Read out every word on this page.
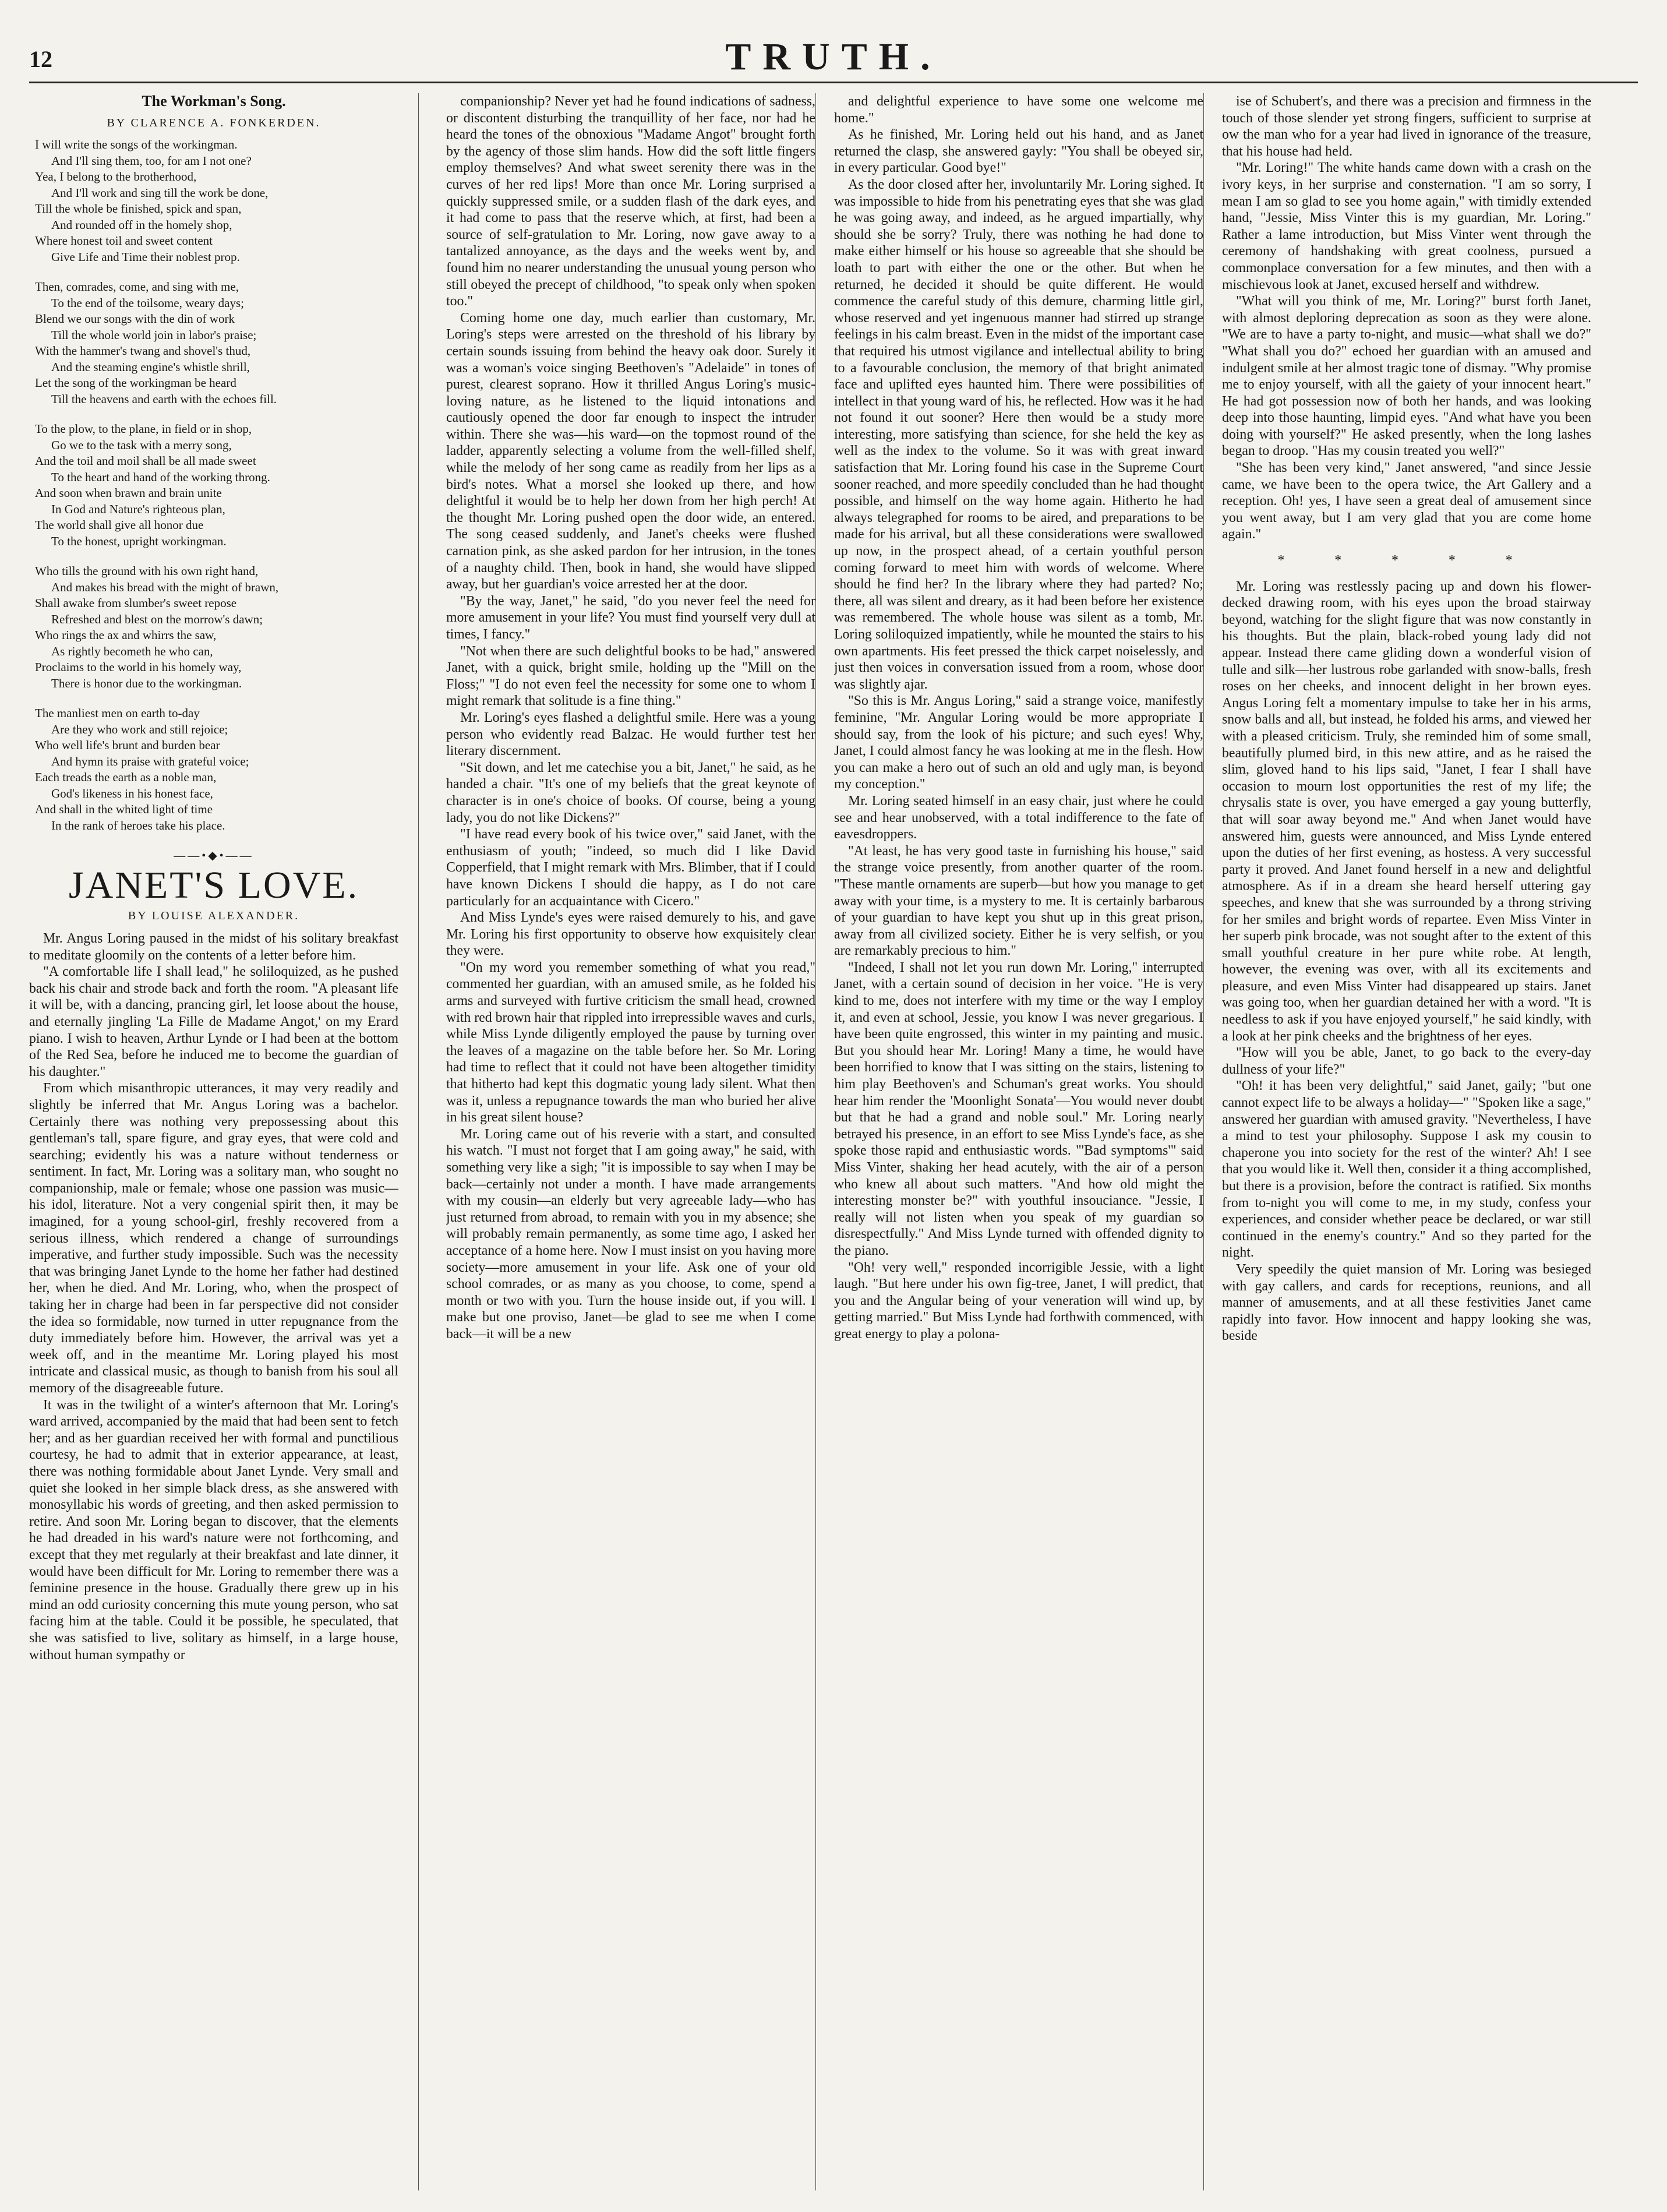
12	TRUTH.
The Workman's Song.
BY CLARENCE A. FONKERDEN.
I will write the songs of the workingman.
And I'll sing them, too, for am I not one?
Yea, I belong to the brotherhood,
And I'll work and sing till the work be done,
Till the whole be finished, spick and span,
And rounded off in the homely shop,
Where honest toil and sweet content
Give Life and Time their noblest prop.
Then, comrades, come, and sing with me,
To the end of the toilsome, weary days;
Blend we our songs with the din of work
Till the whole world join in labor's praise;
With the hammer's twang and shovel's thud,
And the steaming engine's whistle shrill,
Let the song of the workingman be heard
Till the heavens and earth with the echoes fill.
To the plow, to the plane, in field or in shop,
Go we to the task with a merry song,
And the toil and moil shall be all made sweet
To the heart and hand of the working throng.
And soon when brawn and brain unite
In God and Nature's righteous plan,
The world shall give all honor due
To the honest, upright workingman.
Who tills the ground with his own right hand,
And makes his bread with the might of brawn,
Shall awake from slumber's sweet repose
Refreshed and blest on the morrow's dawn;
Who rings the ax and whirrs the saw,
As rightly becometh he who can,
Proclaims to the world in his homely way,
There is honor due to the workingman.
The manliest men on earth to-day
Are they who work and still rejoice;
Who well life's brunt and burden bear
And hymn its praise with grateful voice;
Each treads the earth as a noble man,
God's likeness in his honest face,
And shall in the whited light of time
In the rank of heroes take his place.
——•◆•——
JANET'S LOVE.
BY LOUISE ALEXANDER.

Mr. Angus Loring paused in the midst of his solitary breakfast to meditate gloomily on the contents of a letter before him.

"A comfortable life I shall lead," he soliloquized, as he pushed back his chair and strode back and forth the room. "A pleasant life it will be, with a dancing, prancing girl, let loose about the house, and eternally jingling 'La Fille de Madame Angot,' on my Erard piano. I wish to heaven, Arthur Lynde or I had been at the bottom of the Red Sea, before he induced me to become the guardian of his daughter."

From which misanthropic utterances, it may very readily and slightly be inferred that Mr. Angus Loring was a bachelor. Certainly there was nothing very prepossessing about this gentleman's tall, spare figure, and gray eyes, that were cold and searching; evidently his was a nature without tenderness or sentiment. In fact, Mr. Loring was a solitary man, who sought no companionship, male or female; whose one passion was music—his idol, literature. Not a very congenial spirit then, it may be imagined, for a young school-girl, freshly recovered from a serious illness, which rendered a change of surroundings imperative, and further study impossible. Such was the necessity that was bringing Janet Lynde to the home her father had destined her, when he died. And Mr. Loring, who, when the prospect of taking her in charge had been in far perspective did not consider the idea so formidable, now turned in utter repugnance from the duty immediately before him. However, the arrival was yet a week off, and in the meantime Mr. Loring played his most intricate and classical music, as though to banish from his soul all memory of the disagreeable future.

It was in the twilight of a winter's afternoon that Mr. Loring's ward arrived, accompanied by the maid that had been sent to fetch her; and as her guardian received her with formal and punctilious courtesy, he had to admit that in exterior appearance, at least, there was nothing formidable about Janet Lynde. Very small and quiet she looked in her simple black dress, as she answered with monosyllabic his words of greeting, and then asked permission to retire. And soon Mr. Loring began to discover, that the elements he had dreaded in his ward's nature were not forthcoming, and except that they met regularly at their breakfast and late dinner, it would have been difficult for Mr. Loring to remember there was a feminine presence in the house. Gradually there grew up in his mind an odd curiosity concerning this mute young person, who sat facing him at the table. Could it be possible, he speculated, that she was satisfied to live, solitary as himself, in a large house, without human sympathy or

companionship? Never yet had he found indications of sadness, or discontent disturbing the tranquillity of her face, nor had he heard the tones of the obnoxious "Madame Angot" brought forth by the agency of those slim hands. How did the soft little fingers employ themselves? And what sweet serenity there was in the curves of her red lips! More than once Mr. Loring surprised a quickly suppressed smile, or a sudden flash of the dark eyes, and it had come to pass that the reserve which, at first, had been a source of self-gratulation to Mr. Loring, now gave away to a tantalized annoyance, as the days and the weeks went by, and found him no nearer understanding the unusual young person who still obeyed the precept of childhood, "to speak only when spoken too."

Coming home one day, much earlier than customary, Mr. Loring's steps were arrested on the threshold of his library by certain sounds issuing from behind the heavy oak door. Surely it was a woman's voice singing Beethoven's "Adelaide" in tones of purest, clearest soprano. How it thrilled Angus Loring's music-loving nature, as he listened to the liquid intonations and cautiously opened the door far enough to inspect the intruder within. There she was—his ward—on the topmost round of the ladder, apparently selecting a volume from the well-filled shelf, while the melody of her song came as readily from her lips as a bird's notes. What a morsel she looked up there, and how delightful it would be to help her down from her high perch! At the thought Mr. Loring pushed open the door wide, an entered. The song ceased suddenly, and Janet's cheeks were flushed carnation pink, as she asked pardon for her intrusion, in the tones of a naughty child. Then, book in hand, she would have slipped away, but her guardian's voice arrested her at the door.

"By the way, Janet," he said, "do you never feel the need for more amusement in your life? You must find yourself very dull at times, I fancy."

"Not when there are such delightful books to be had," answered Janet, with a quick, bright smile, holding up the "Mill on the Floss;" "I do not even feel the necessity for some one to whom I might remark that solitude is a fine thing."

Mr. Loring's eyes flashed a delightful smile. Here was a young person who evidently read Balzac. He would further test her literary discernment.

"Sit down, and let me catechise you a bit, Janet," he said, as he handed a chair. "It's one of my beliefs that the great keynote of character is in one's choice of books. Of course, being a young lady, you do not like Dickens?"

"I have read every book of his twice over," said Janet, with the enthusiasm of youth; "indeed, so much did I like David Copperfield, that I might remark with Mrs. Blimber, that if I could have known Dickens I should die happy, as I do not care particularly for an acquaintance with Cicero."

And Miss Lynde's eyes were raised demurely to his, and gave Mr. Loring his first opportunity to observe how exquisitely clear they were.

"On my word you remember something of what you read," commented her guardian, with an amused smile, as he folded his arms and surveyed with furtive criticism the small head, crowned with red brown hair that rippled into irrepressible waves and curls, while Miss Lynde diligently employed the pause by turning over the leaves of a magazine on the table before her. So Mr. Loring had time to reflect that it could not have been altogether timidity that hitherto had kept this dogmatic young lady silent. What then was it, unless a repugnance towards the man who buried her alive in his great silent house?

Mr. Loring came out of his reverie with a start, and consulted his watch. "I must not forget that I am going away," he said, with something very like a sigh; "it is impossible to say when I may be back—certainly not under a month. I have made arrangements with my cousin—an elderly but very agreeable lady—who has just returned from abroad, to remain with you in my absence; she will probably remain permanently, as some time ago, I asked her acceptance of a home here. Now I must insist on you having more society—more amusement in your life. Ask one of your old school comrades, or as many as you choose, to come, spend a month or two with you. Turn the house inside out, if you will. I make but one proviso, Janet—be glad to see me when I come back—it will be a new

and delightful experience to have some one welcome me home."

As he finished, Mr. Loring held out his hand, and as Janet returned the clasp, she answered gayly: "You shall be obeyed sir, in every particular. Good bye!"

As the door closed after her, involuntarily Mr. Loring sighed. It was impossible to hide from his penetrating eyes that she was glad he was going away, and indeed, as he argued impartially, why should she be sorry? Truly, there was nothing he had done to make either himself or his house so agreeable that she should be loath to part with either the one or the other. But when he returned, he decided it should be quite different. He would commence the careful study of this demure, charming little girl, whose reserved and yet ingenuous manner had stirred up strange feelings in his calm breast. Even in the midst of the important case that required his utmost vigilance and intellectual ability to bring to a favourable conclusion, the memory of that bright animated face and uplifted eyes haunted him. There were possibilities of intellect in that young ward of his, he reflected. How was it he had not found it out sooner? Here then would be a study more interesting, more satisfying than science, for she held the key as well as the index to the volume. So it was with great inward satisfaction that Mr. Loring found his case in the Supreme Court sooner reached, and more speedily concluded than he had thought possible, and himself on the way home again. Hitherto he had always telegraphed for rooms to be aired, and preparations to be made for his arrival, but all these considerations were swallowed up now, in the prospect ahead, of a certain youthful person coming forward to meet him with words of welcome. Where should he find her? In the library where they had parted? No; there, all was silent and dreary, as it had been before her existence was remembered. The whole house was silent as a tomb, Mr. Loring soliloquized impatiently, while he mounted the stairs to his own apartments. His feet pressed the thick carpet noiselessly, and just then voices in conversation issued from a room, whose door was slightly ajar.

"So this is Mr. Angus Loring," said a strange voice, manifestly feminine, "Mr. Angular Loring would be more appropriate I should say, from the look of his picture; and such eyes! Why, Janet, I could almost fancy he was looking at me in the flesh. How you can make a hero out of such an old and ugly man, is beyond my conception."

Mr. Loring seated himself in an easy chair, just where he could see and hear unobserved, with a total indifference to the fate of eavesdroppers.

"At least, he has very good taste in furnishing his house," said the strange voice presently, from another quarter of the room. "These mantle ornaments are superb—but how you manage to get away with your time, is a mystery to me. It is certainly barbarous of your guardian to have kept you shut up in this great prison, away from all civilized society. Either he is very selfish, or you are remarkably precious to him."

"Indeed, I shall not let you run down Mr. Loring," interrupted Janet, with a certain sound of decision in her voice. "He is very kind to me, does not interfere with my time or the way I employ it, and even at school, Jessie, you know I was never gregarious. I have been quite engrossed, this winter in my painting and music. But you should hear Mr. Loring! Many a time, he would have been horrified to know that I was sitting on the stairs, listening to him play Beethoven's and Schuman's great works. You should hear him render the 'Moonlight Sonata'—You would never doubt but that he had a grand and noble soul." Mr. Loring nearly betrayed his presence, in an effort to see Miss Lynde's face, as she spoke those rapid and enthusiastic words. "'Bad symptoms'" said Miss Vinter, shaking her head acutely, with the air of a person who knew all about such matters. "And how old might the interesting monster be?" with youthful insouciance. "Jessie, I really will not listen when you speak of my guardian so disrespectfully." And Miss Lynde turned with offended dignity to the piano.

"Oh! very well," responded incorrigible Jessie, with a light laugh. "But here under his own fig-tree, Janet, I will predict, that you and the Angular being of your veneration will wind up, by getting married." But Miss Lynde had forthwith commenced, with great energy to play a polona-

ise of Schubert's, and there was a precision and firmness in the touch of those slender yet strong fingers, sufficient to surprise at ow the man who for a year had lived in ignorance of the treasure, that his house had held.

"Mr. Loring!" The white hands came down with a crash on the ivory keys, in her surprise and consternation. "I am so sorry, I mean I am so glad to see you home again," with timidly extended hand, "Jessie, Miss Vinter this is my guardian, Mr. Loring." Rather a lame introduction, but Miss Vinter went through the ceremony of handshaking with great coolness, pursued a commonplace conversation for a few minutes, and then with a mischievous look at Janet, excused herself and withdrew.

"What will you think of me, Mr. Loring?" burst forth Janet, with almost deploring deprecation as soon as they were alone. "We are to have a party to-night, and music—what shall we do?" "What shall you do?" echoed her guardian with an amused and indulgent smile at her almost tragic tone of dismay. "Why promise me to enjoy yourself, with all the gaiety of your innocent heart." He had got possession now of both her hands, and was looking deep into those haunting, limpid eyes. "And what have you been doing with yourself?" He asked presently, when the long lashes began to droop. "Has my cousin treated you well?"

"She has been very kind," Janet answered, "and since Jessie came, we have been to the opera twice, the Art Gallery and a reception. Oh! yes, I have seen a great deal of amusement since you went away, but I am very glad that you are come home again."

* * * * *

Mr. Loring was restlessly pacing up and down his flower-decked drawing room, with his eyes upon the broad stairway beyond, watching for the slight figure that was now constantly in his thoughts. But the plain, black-robed young lady did not appear. Instead there came gliding down a wonderful vision of tulle and silk—her lustrous robe garlanded with snow-balls, fresh roses on her cheeks, and innocent delight in her brown eyes. Angus Loring felt a momentary impulse to take her in his arms, snow balls and all, but instead, he folded his arms, and viewed her with a pleased criticism. Truly, she reminded him of some small, beautifully plumed bird, in this new attire, and as he raised the slim, gloved hand to his lips said, "Janet, I fear I shall have occasion to mourn lost opportunities the rest of my life; the chrysalis state is over, you have emerged a gay young butterfly, that will soar away beyond me." And when Janet would have answered him, guests were announced, and Miss Lynde entered upon the duties of her first evening, as hostess. A very successful party it proved. And Janet found herself in a new and delightful atmosphere. As if in a dream she heard herself uttering gay speeches, and knew that she was surrounded by a throng striving for her smiles and bright words of repartee. Even Miss Vinter in her superb pink brocade, was not sought after to the extent of this small youthful creature in her pure white robe. At length, however, the evening was over, with all its excitements and pleasure, and even Miss Vinter had disappeared up stairs. Janet was going too, when her guardian detained her with a word. "It is needless to ask if you have enjoyed yourself," he said kindly, with a look at her pink cheeks and the brightness of her eyes.

"How will you be able, Janet, to go back to the every-day dullness of your life?"

"Oh! it has been very delightful," said Janet, gaily; "but one cannot expect life to be always a holiday—" "Spoken like a sage," answered her guardian with amused gravity. "Nevertheless, I have a mind to test your philosophy. Suppose I ask my cousin to chaperone you into society for the rest of the winter? Ah! I see that you would like it. Well then, consider it a thing accomplished, but there is a provision, before the contract is ratified. Six months from to-night you will come to me, in my study, confess your experiences, and consider whether peace be declared, or war still continued in the enemy's country." And so they parted for the night.

Very speedily the quiet mansion of Mr. Loring was besieged with gay callers, and cards for receptions, reunions, and all manner of amusements, and at all these festivities Janet came rapidly into favor. How innocent and happy looking she was, beside
